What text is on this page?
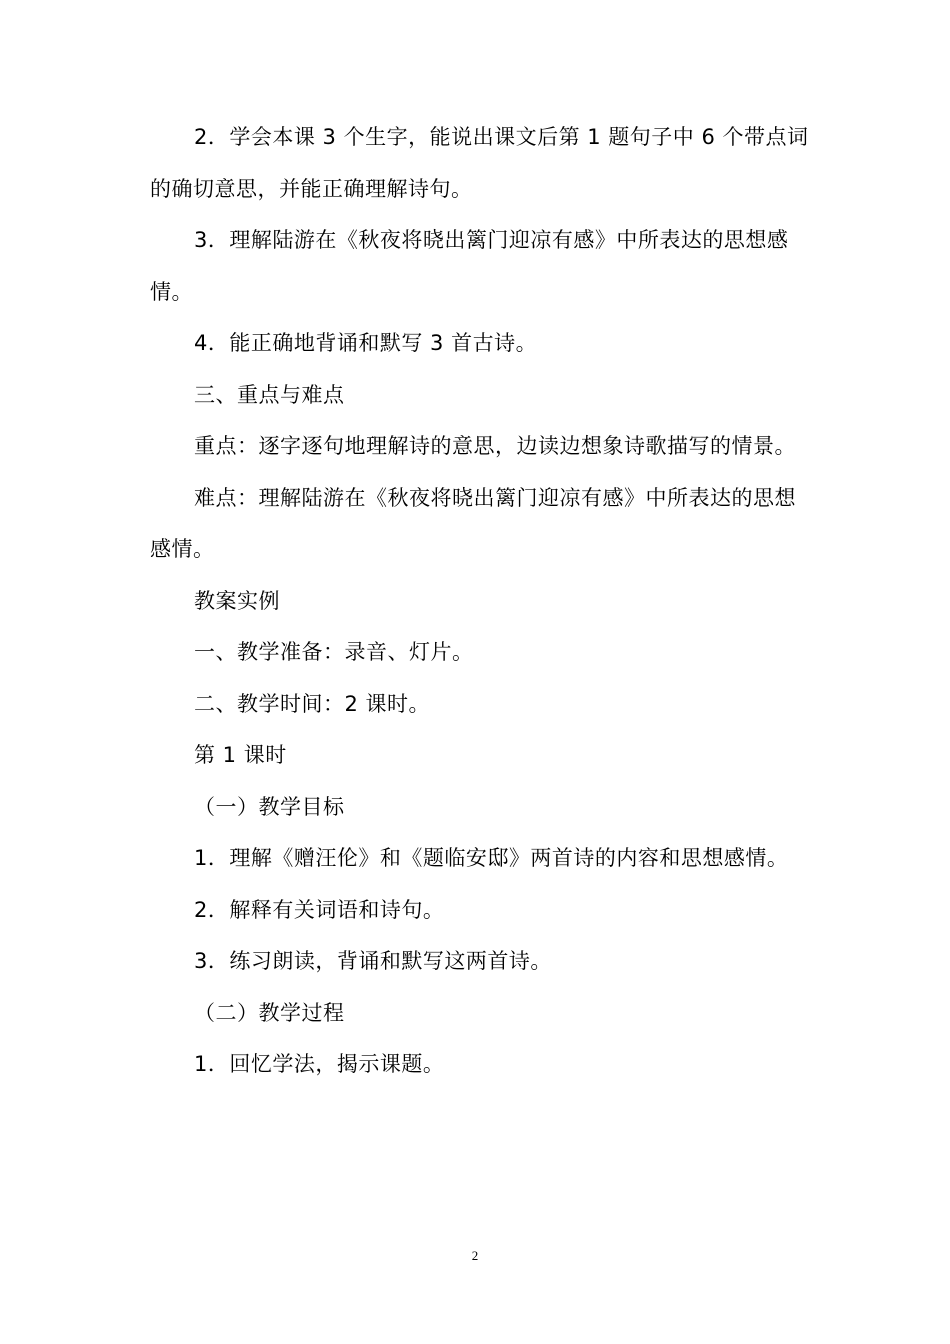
2．学会本课 3 个生字，能说出课文后第 1 题句子中 6 个带点词的确切意思，并能正确理解诗句。

3．理解陆游在《秋夜将晓出篱门迎凉有感》中所表达的思想感情。

4．能正确地背诵和默写 3 首古诗。

三、重点与难点

重点：逐字逐句地理解诗的意思，边读边想象诗歌描写的情景。

难点：理解陆游在《秋夜将晓出篱门迎凉有感》中所表达的思想感情。

教案实例

一、教学准备：录音、灯片。

二、教学时间：2 课时。

第 1 课时

（一）教学目标

1．理解《赠汪伦》和《题临安邸》两首诗的内容和思想感情。

2．解释有关词语和诗句。

3．练习朗读，背诵和默写这两首诗。

（二）教学过程

1．回忆学法，揭示课题。

2
